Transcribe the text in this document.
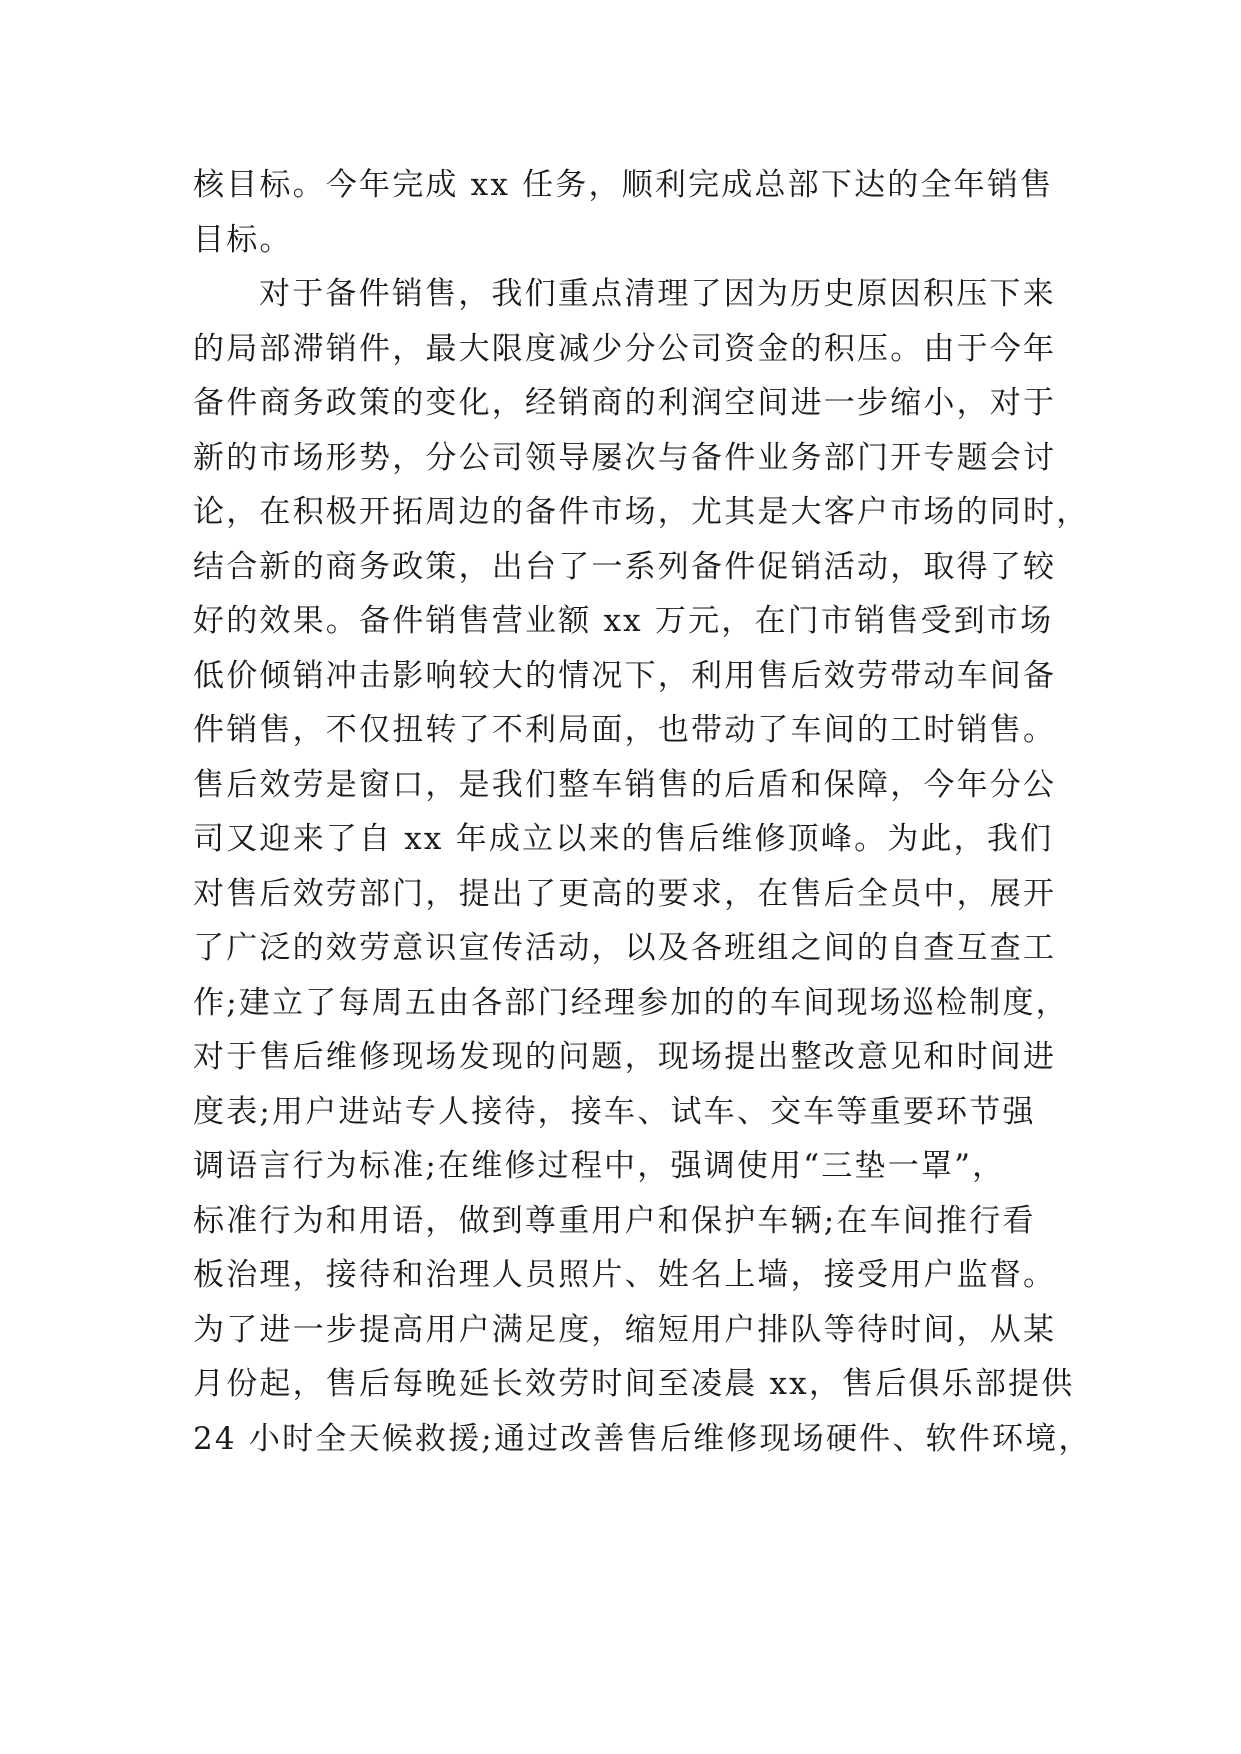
核目标。今年完成 xx 任务，顺利完成总部下达的全年销售
目标。
对于备件销售，我们重点清理了因为历史原因积压下来
的局部滞销件，最大限度减少分公司资金的积压。由于今年
备件商务政策的变化，经销商的利润空间进一步缩小，对于
新的市场形势，分公司领导屡次与备件业务部门开专题会讨
论，在积极开拓周边的备件市场，尤其是大客户市场的同时，
结合新的商务政策，出台了一系列备件促销活动，取得了较
好的效果。备件销售营业额 xx 万元，在门市销售受到市场
低价倾销冲击影响较大的情况下，利用售后效劳带动车间备
件销售，不仅扭转了不利局面，也带动了车间的工时销售。
售后效劳是窗口，是我们整车销售的后盾和保障，今年分公
司又迎来了自 xx 年成立以来的售后维修顶峰。为此，我们
对售后效劳部门，提出了更高的要求，在售后全员中，展开
了广泛的效劳意识宣传活动，以及各班组之间的自查互查工
作;建立了每周五由各部门经理参加的的车间现场巡检制度，
对于售后维修现场发现的问题，现场提出整改意见和时间进
度表;用户进站专人接待，接车、试车、交车等重要环节强
调语言行为标准;在维修过程中，强调使用“三垫一罩”，
标准行为和用语，做到尊重用户和保护车辆;在车间推行看
板治理，接待和治理人员照片、姓名上墙，接受用户监督。
为了进一步提高用户满足度，缩短用户排队等待时间，从某
月份起，售后每晚延长效劳时间至凌晨 xx，售后俱乐部提供
24 小时全天候救援;通过改善售后维修现场硬件、软件环境，
